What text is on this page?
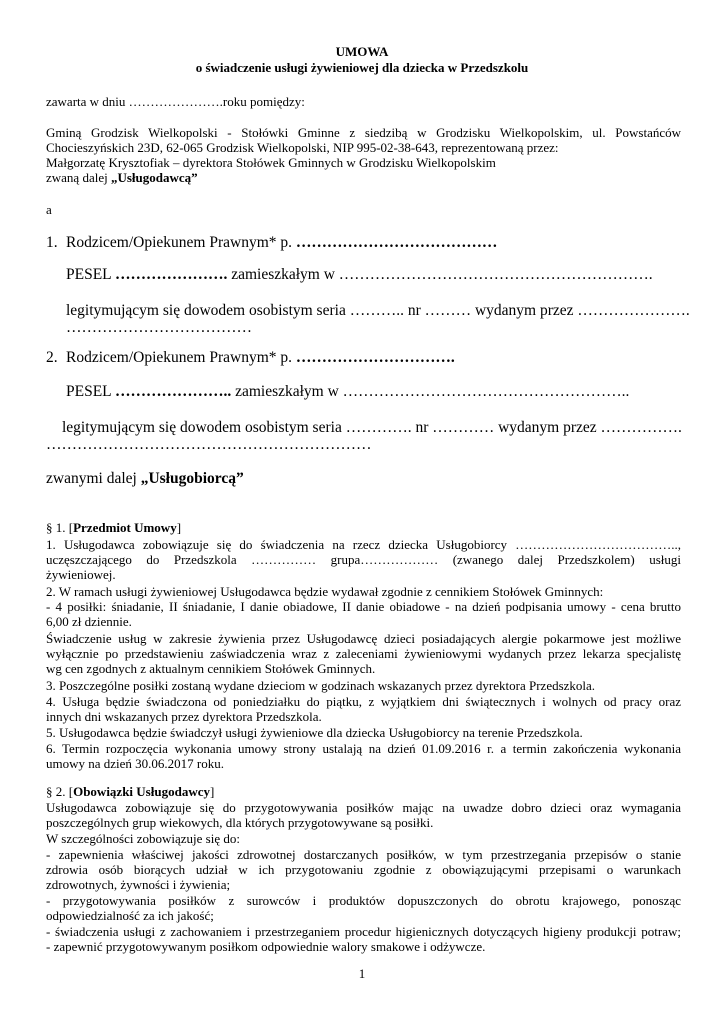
UMOWA
o świadczenie usługi żywieniowej dla dziecka w Przedszkolu
zawarta w dniu ………………….roku pomiędzy:
Gminą Grodzisk Wielkopolski - Stołówki Gminne z siedzibą w Grodzisku Wielkopolskim, ul. Powstańców
Chocieszyńskich 23D, 62-065 Grodzisk Wielkopolski, NIP 995-02-38-643, reprezentowaną przez:
Małgorzatę Krysztofiak – dyrektora Stołówek Gminnych w Grodzisku Wielkopolskim
zwaną dalej „Usługodawcą”
a
1. Rodzicem/Opiekunem Prawnym* p. …………………………………
PESEL …………………. zamieszkałym w …………………………………………………….
legitymującym się dowodem osobistym seria ……….. nr ……… wydanym przez ………………….
………………………………
2. Rodzicem/Opiekunem Prawnym* p. ………………………….
PESEL ………………….. zamieszkałym w ………………………………………………..
legitymującym się dowodem osobistym seria …………. nr ………… wydanym przez …………….
………………………………………………………
zwanymi dalej „Usługobiorcą”
§ 1. [Przedmiot Umowy]
1. Usługodawca zobowiązuje się do świadczenia na rzecz dziecka Usługobiorcy ………………………………..,
uczęszczającego do Przedszkola …………… grupa……………… (zwanego dalej Przedszkolem) usługi
żywieniowej.
2. W ramach usługi żywieniowej Usługodawca będzie wydawał zgodnie z cennikiem Stołówek Gminnych:
- 4 posiłki: śniadanie, II śniadanie, I danie obiadowe, II danie obiadowe - na dzień podpisania umowy - cena brutto
6,00 zł dziennie.
Świadczenie usług w zakresie żywienia przez Usługodawcę dzieci posiadających alergie pokarmowe jest możliwe
wyłącznie po przedstawieniu zaświadczenia wraz z zaleceniami żywieniowymi wydanych przez lekarza specjalistę
wg cen zgodnych z aktualnym cennikiem Stołówek Gminnych.
3. Poszczególne posiłki zostaną wydane dzieciom w godzinach wskazanych przez dyrektora Przedszkola.
4. Usługa będzie świadczona od poniedziałku do piątku, z wyjątkiem dni świątecznych i wolnych od pracy oraz
innych dni wskazanych przez dyrektora Przedszkola.
5. Usługodawca będzie świadczył usługi żywieniowe dla dziecka Usługobiorcy na terenie Przedszkola.
6. Termin rozpoczęcia wykonania umowy strony ustalają na dzień 01.09.2016 r. a termin zakończenia wykonania
umowy na dzień 30.06.2017 roku.
§ 2. [Obowiązki Usługodawcy]
Usługodawca zobowiązuje się do przygotowywania posiłków mając na uwadze dobro dzieci oraz wymagania
poszczególnych grup wiekowych, dla których przygotowywane są posiłki.
W szczególności zobowiązuje się do:
- zapewnienia właściwej jakości zdrowotnej dostarczanych posiłków, w tym przestrzegania przepisów o stanie
zdrowia osób biorących udział w ich przygotowaniu zgodnie z obowiązującymi przepisami o warunkach
zdrowotnych, żywności i żywienia;
- przygotowywania posiłków z surowców i produktów dopuszczonych do obrotu krajowego, ponosząc
odpowiedzialność za ich jakość;
- świadczenia usługi z zachowaniem i przestrzeganiem procedur higienicznych dotyczących higieny produkcji potraw;
- zapewnić przygotowywanym posiłkom odpowiednie walory smakowe i odżywcze.
1
